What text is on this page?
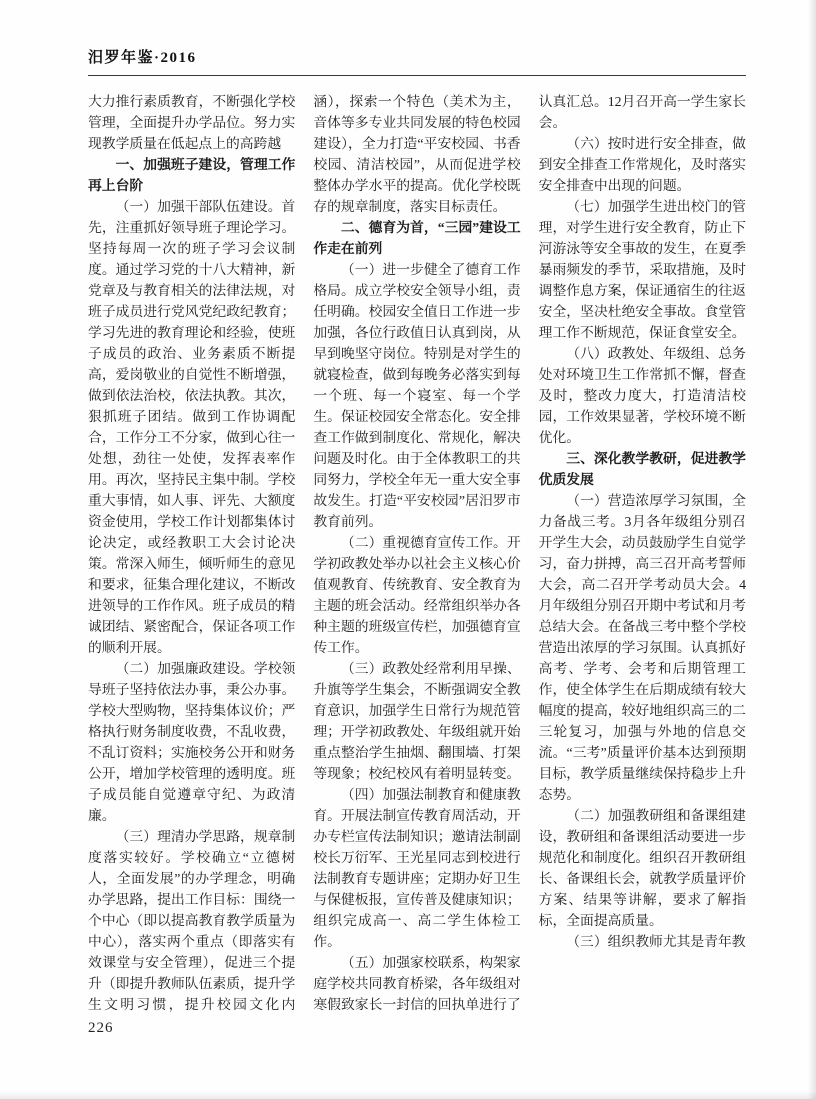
汨罗年鉴·2016

大力推行素质教育，不断强化学校管理，全面提升办学品位。努力实现教学质量在低起点上的高跨越

一、加强班子建设，管理工作再上台阶

（一）加强干部队伍建设。首先，注重抓好领导班子理论学习。坚持每周一次的班子学习会议制度。通过学习党的十八大精神，新党章及与教育相关的法律法规，对班子成员进行党风党纪政纪教育；学习先进的教育理论和经验，使班子成员的政治、业务素质不断提高，爱岗敬业的自觉性不断增强，做到依法治校，依法执教。其次，狠抓班子团结。做到工作协调配合，工作分工不分家，做到心往一处想，劲往一处使，发挥表率作用。再次，坚持民主集中制。学校重大事情，如人事、评先、大额度资金使用，学校工作计划都集体讨论决定，或经教职工大会讨论决策。常深入师生，倾听师生的意见和要求，征集合理化建议，不断改进领导的工作作风。班子成员的精诚团结、紧密配合，保证各项工作的顺利开展。

（二）加强廉政建设。学校领导班子坚持依法办事，秉公办事。学校大型购物，坚持集体议价；严格执行财务制度收费，不乱收费，不乱订资料；实施校务公开和财务公开，增加学校管理的透明度。班子成员能自觉遵章守纪、为政清廉。

（三）理清办学思路，规章制度落实较好。学校确立“立德树人，全面发展”的办学理念，明确办学思路，提出工作目标：围绕一个中心（即以提高教育教学质量为中心），落实两个重点（即落实有效课堂与安全管理），促进三个提升（即提升教师队伍素质，提升学生文明习惯，提升校园文化内涵），探索一个特色（美术为主，音体等多专业共同发展的特色校园建设），全力打造“平安校园、书香校园、清洁校园”，从而促进学校整体办学水平的提高。优化学校既存的规章制度，落实目标责任。

二、德育为首，“三园”建设工作走在前列

（一）进一步健全了德育工作格局。成立学校安全领导小组，责任明确。校园安全值日工作进一步加强，各位行政值日认真到岗，从早到晚坚守岗位。特别是对学生的就寝检查，做到每晚务必落实到每一个班、每一个寝室、每一个学生。保证校园安全常态化。安全排查工作做到制度化、常规化，解决问题及时化。由于全体教职工的共同努力，学校全年无一重大安全事故发生。打造“平安校园”居汨罗市教育前列。

（二）重视德育宣传工作。开学初政教处举办以社会主义核心价值观教育、传统教育、安全教育为主题的班会活动。经常组织举办各种主题的班级宣传栏，加强德育宣传工作。

（三）政教处经常利用早操、升旗等学生集会，不断强调安全教育意识，加强学生日常行为规范管理；开学初政教处、年级组就开始重点整治学生抽烟、翻围墙、打架等现象；校纪校风有着明显转变。

（四）加强法制教育和健康教育。开展法制宣传教育周活动，开办专栏宣传法制知识；邀请法制副校长万衍军、王光星同志到校进行法制教育专题讲座；定期办好卫生与保健板报，宣传普及健康知识；组织完成高一、高二学生体检工作。

（五）加强家校联系，构架家庭学校共同教育桥梁，各年级组对寒假致家长一封信的回执单进行了认真汇总。12月召开高一学生家长会。

（六）按时进行安全排查，做到安全排查工作常规化，及时落实安全排查中出现的问题。

（七）加强学生进出校门的管理，对学生进行安全教育，防止下河游泳等安全事故的发生，在夏季暴雨频发的季节，采取措施，及时调整作息方案，保证通宿生的往返安全，坚决杜绝安全事故。食堂管理工作不断规范，保证食堂安全。

（八）政教处、年级组、总务处对环境卫生工作常抓不懈，督查及时，整改力度大，打造清洁校园，工作效果显著，学校环境不断优化。

三、深化教学教研，促进教学优质发展

（一）营造浓厚学习氛围，全力备战三考。3月各年级组分别召开学生大会，动员鼓励学生自觉学习，奋力拼搏，高三召开高考誓师大会，高二召开学考动员大会。4月年级组分别召开期中考试和月考总结大会。在备战三考中整个学校营造出浓厚的学习氛围。认真抓好高考、学考、会考和后期管理工作，使全体学生在后期成绩有较大幅度的提高，较好地组织高三的二三轮复习，加强与外地的信息交流。“三考”质量评价基本达到预期目标，教学质量继续保持稳步上升态势。

（二）加强教研组和备课组建设，教研组和备课组活动要进一步规范化和制度化。组织召开教研组长、备课组长会，就教学质量评价方案、结果等讲解，要求了解指标，全面提高质量。

（三）组织教师尤其是青年教

226
